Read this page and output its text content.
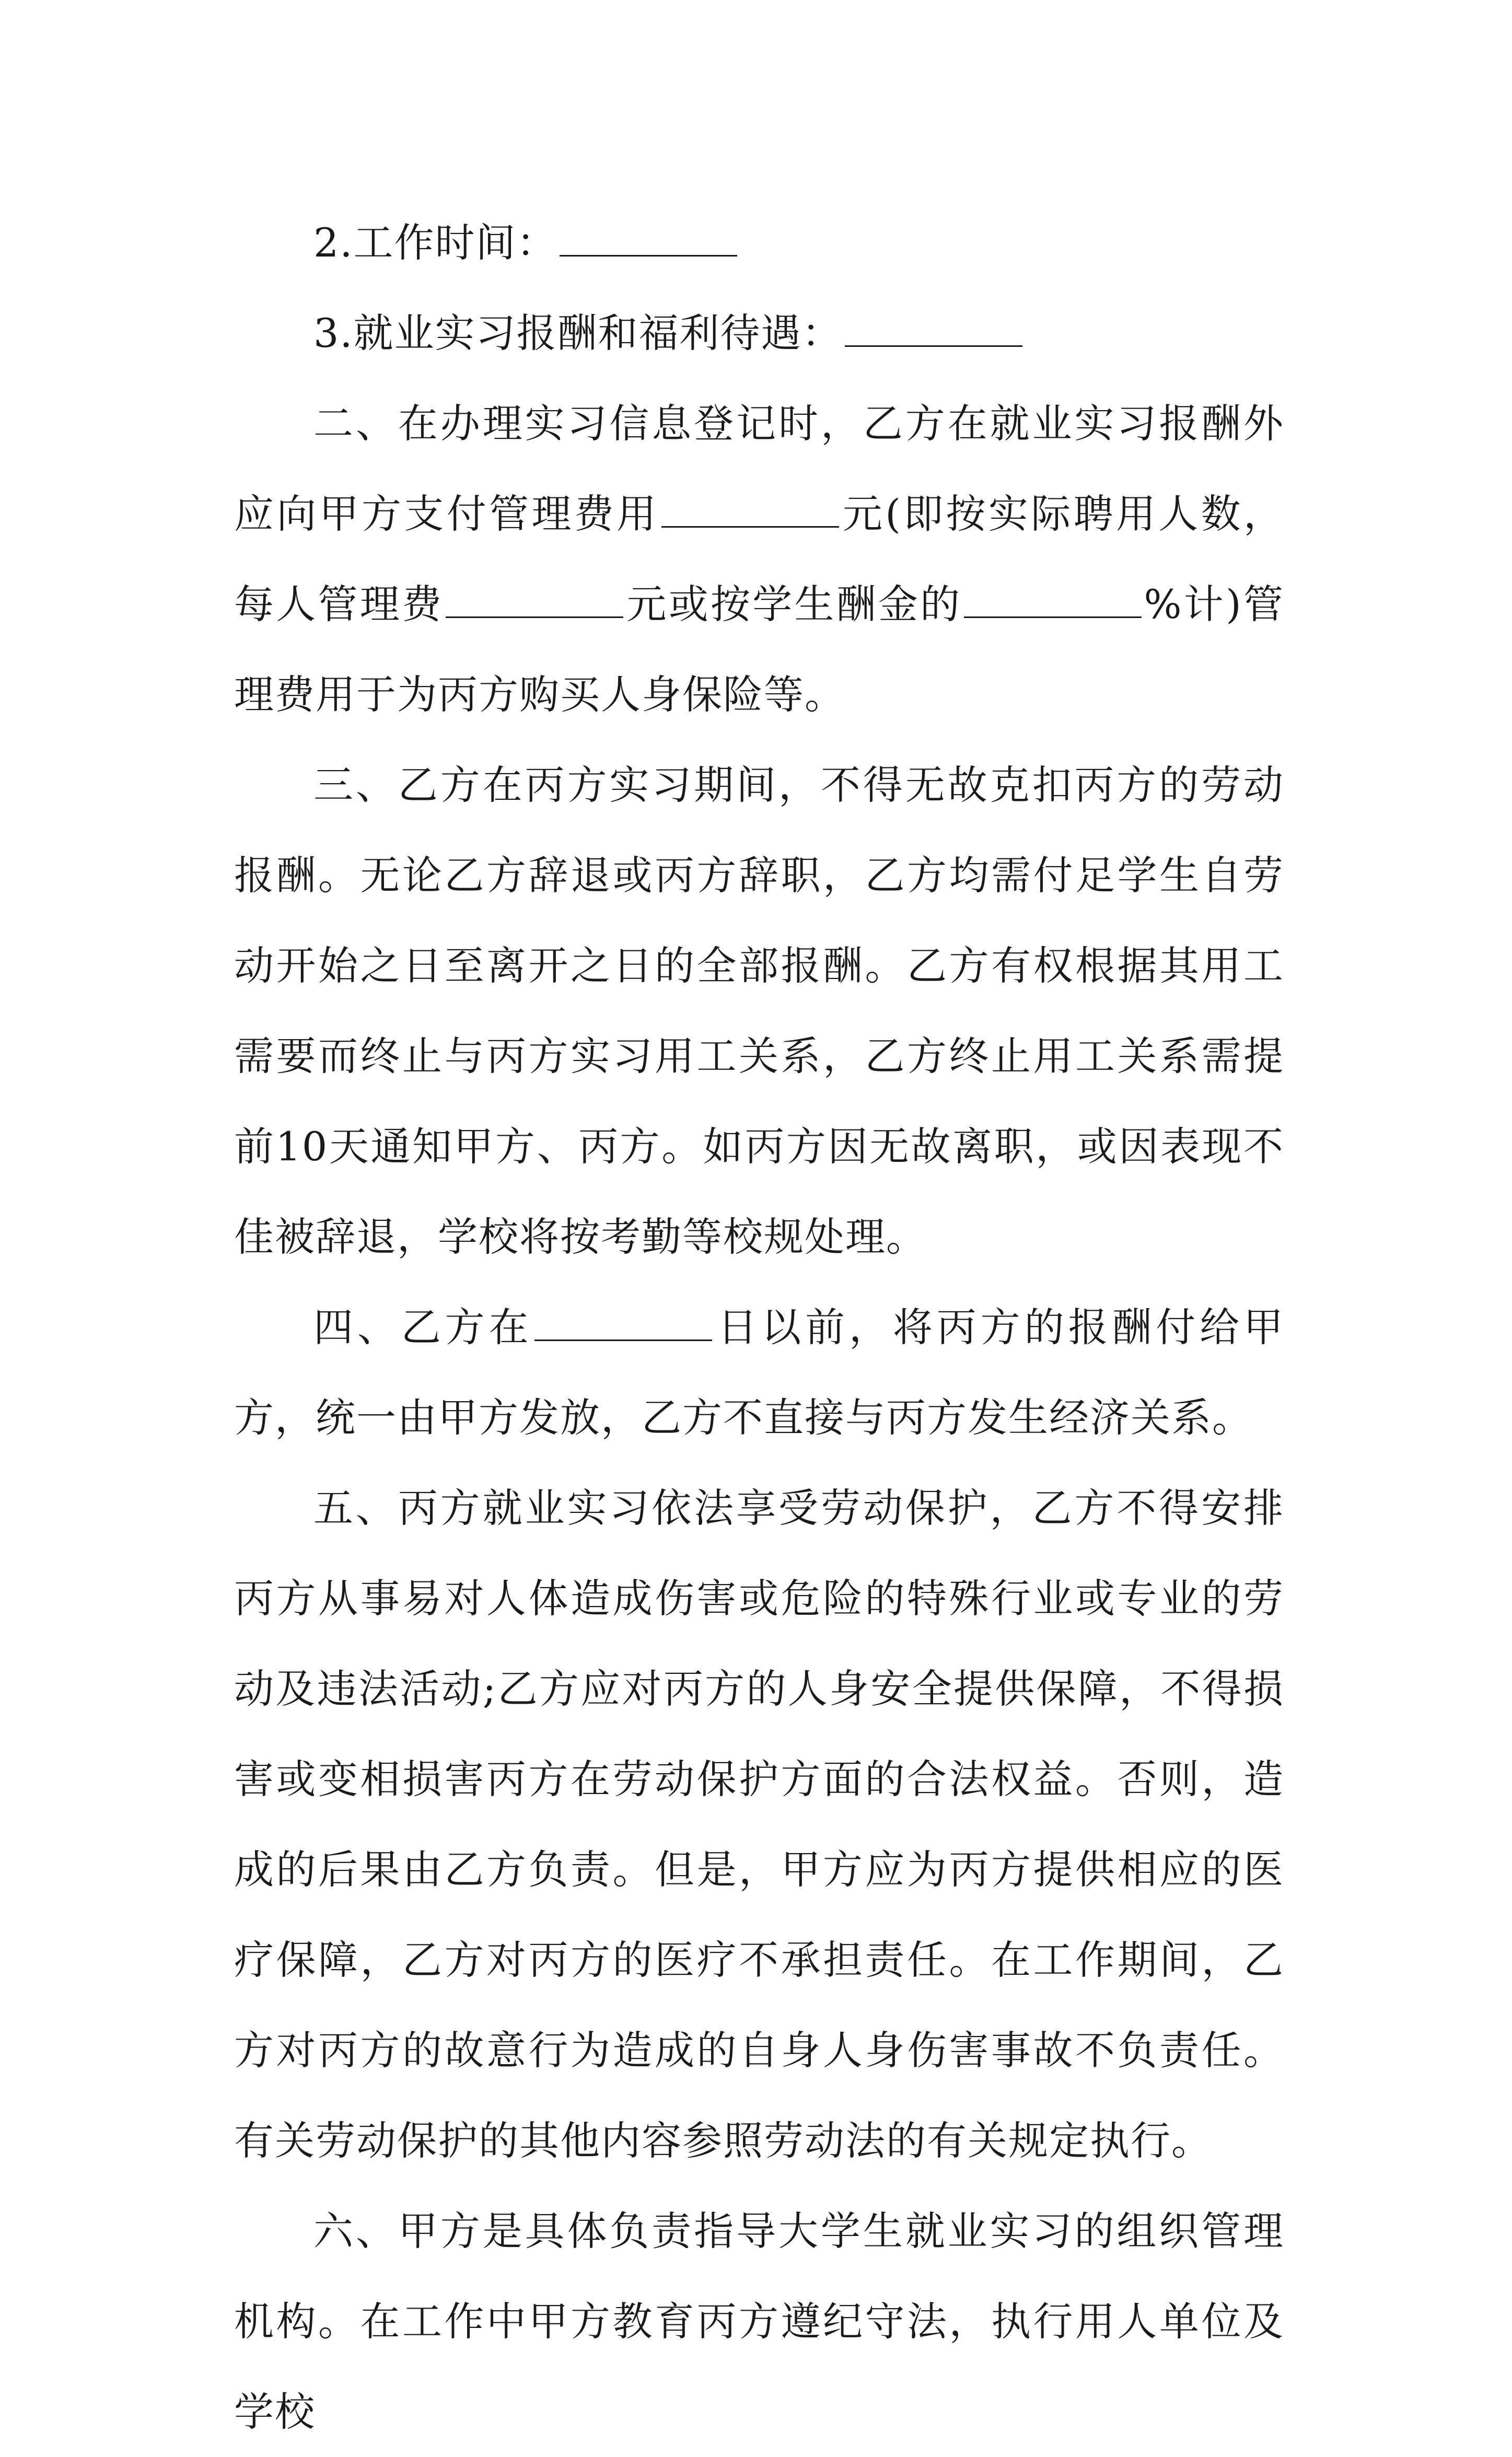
2.工作时间：

3.就业实习报酬和福利待遇：

二、在办理实习信息登记时，乙方在就业实习报酬外应向甲方支付管理费用	元(即按实际聘用人数，每人管理费	元或按学生酬金的	%计)管理费用于为丙方购买人身保险等。

三、乙方在丙方实习期间，不得无故克扣丙方的劳动报酬。无论乙方辞退或丙方辞职，乙方均需付足学生自劳动开始之日至离开之日的全部报酬。乙方有权根据其用工需要而终止与丙方实习用工关系，乙方终止用工关系需提前10天通知甲方、丙方。如丙方因无故离职，或因表现不佳被辞退，学校将按考勤等校规处理。

四、乙方在	日以前，将丙方的报酬付给甲方，统一由甲方发放，乙方不直接与丙方发生经济关系。

五、丙方就业实习依法享受劳动保护，乙方不得安排丙方从事易对人体造成伤害或危险的特殊行业或专业的劳动及违法活动;乙方应对丙方的人身安全提供保障，不得损害或变相损害丙方在劳动保护方面的合法权益。否则，造成的后果由乙方负责。但是，甲方应为丙方提供相应的医疗保障，乙方对丙方的医疗不承担责任。在工作期间，乙方对丙方的故意行为造成的自身人身伤害事故不负责任。有关劳动保护的其他内容参照劳动法的有关规定执行。

六、甲方是具体负责指导大学生就业实习的组织管理机构。在工作中甲方教育丙方遵纪守法，执行用人单位及学校
